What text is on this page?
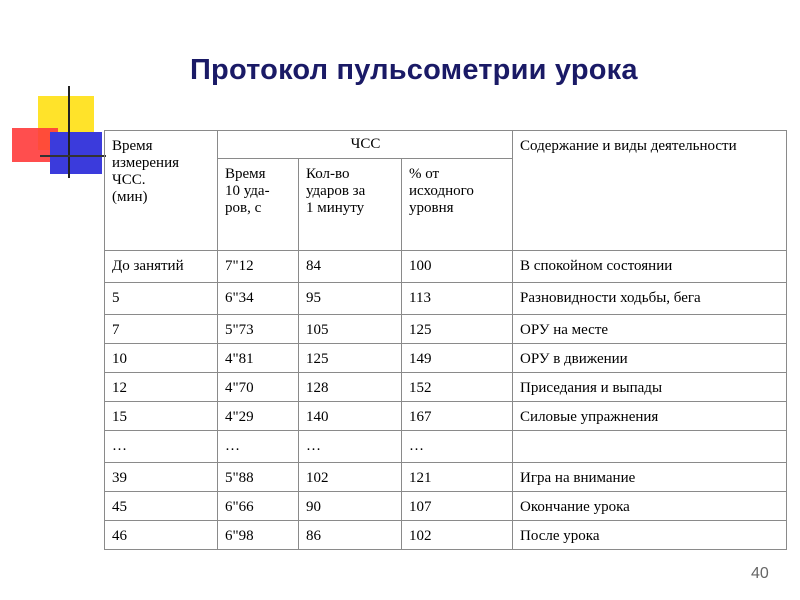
Протокол пульсометрии урока
Время
измерения
ЧСС.
(мин)	ЧСС			Содержание и виды деятельности
	Время
10 уда-
ров, с	Кол-во
ударов за
1 минуту	% от
исходного
уровня	
До занятий	7"12	84	100	В спокойном состоянии
5	6"34	95	113	Разновидности ходьбы, бега
7	5"73	105	125	ОРУ на месте
10	4"81	125	149	ОРУ в движении
12	4"70	128	152	Приседания и выпады
15	4"29	140	167	Силовые упражнения
…	…	…	…	
39	5"88	102	121	Игра на внимание
45	6"66	90	107	Окончание урока
46	6"98	86	102	После урока
40
